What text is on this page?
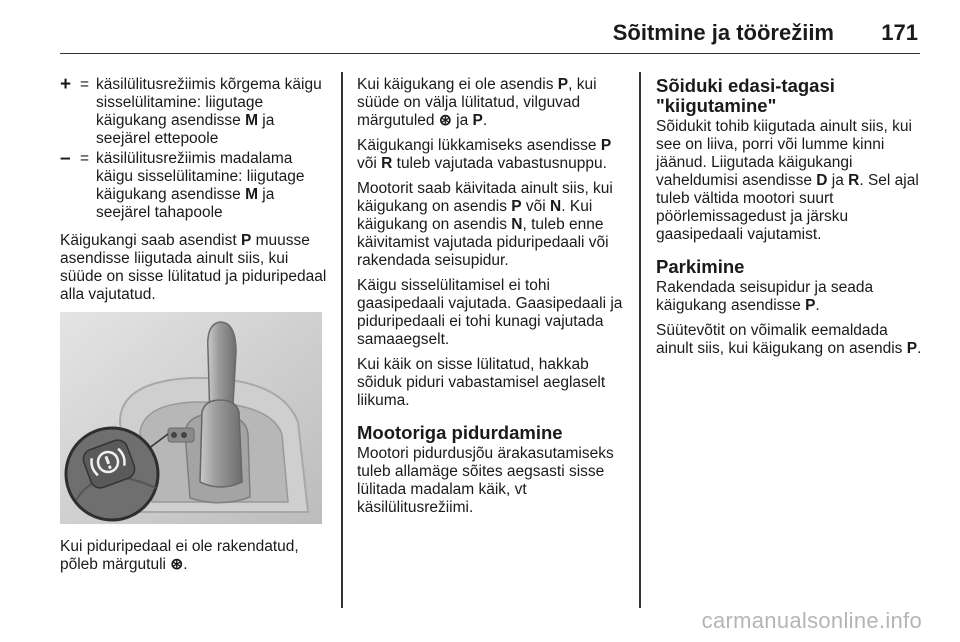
Sõitmine ja töörežiim 171
+ = käsilülitusrežiimis kõrgema käigu sisselülitamine: liigutage käigukang asendisse M ja seejärel ettepoole
– = käsilülitusrežiimis madalama käigu sisselülitamine: liigutage käigukang asendisse M ja seejärel tahapoole

Käigukangi saab asendist P muusse asendisse liigutada ainult siis, kui süüde on sisse lülitatud ja piduripedaal alla vajutatud.

Kui piduripedaal ei ole rakendatud, põleb märgutuli ⊛.

Kui käigukang ei ole asendis P, kui süüde on välja lülitatud, vilguvad märgutuled ⊛ ja P.

Käigukangi lükkamiseks asendisse P või R tuleb vajutada vabastusnuppu.

Mootorit saab käivitada ainult siis, kui käigukang on asendis P või N. Kui käigukang on asendis N, tuleb enne käivitamist vajutada piduripedaali või rakendada seisupidur.

Käigu sisselülitamisel ei tohi gaasipedaali vajutada. Gaasipedaali ja piduripedaali ei tohi kunagi vajutada samaaegselt.

Kui käik on sisse lülitatud, hakkab sõiduk piduri vabastamisel aeglaselt liikuma.

Mootoriga pidurdamine

Mootori pidurdusjõu ärakasutamiseks tuleb allamäge sõites aegsasti sisse lülitada madalam käik, vt käsilülitusrežiimi.

Sõiduki edasi-tagasi "kiigutamine"

Sõidukit tohib kiigutada ainult siis, kui see on liiva, porri või lumme kinni jäänud. Liigutada käigukangi vaheldumisi asendisse D ja R. Sel ajal tuleb vältida mootori suurt pöörlemissagedust ja järsku gaasipedaali vajutamist.

Parkimine

Rakendada seisupidur ja seada käigukang asendisse P.

Süütevõtit on võimalik eemaldada ainult siis, kui käigukang on asendis P.

carmanualsonline.info
